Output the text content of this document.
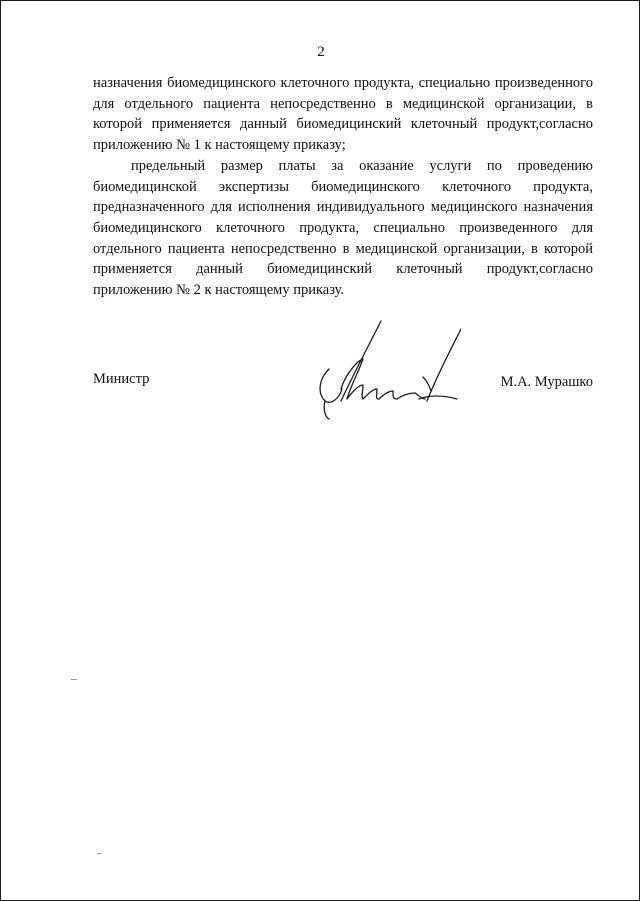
2

назначения биомедицинского клеточного продукта, специально произведенного для отдельного пациента непосредственно в медицинской организации, в которой применяется данный биомедицинский клеточный продукт,согласно приложению № 1 к настоящему приказу;

предельный размер платы за оказание услуги по проведению биомедицинской экспертизы биомедицинского клеточного продукта, предназначенного для исполнения индивидуального медицинского назначения биомедицинского клеточного продукта, специально произведенного для отдельного пациента непосредственно в медицинской организации, в которой применяется данный биомедицинский клеточный продукт,согласно приложению № 2 к настоящему приказу.

Министр	М.А. Мурашко
